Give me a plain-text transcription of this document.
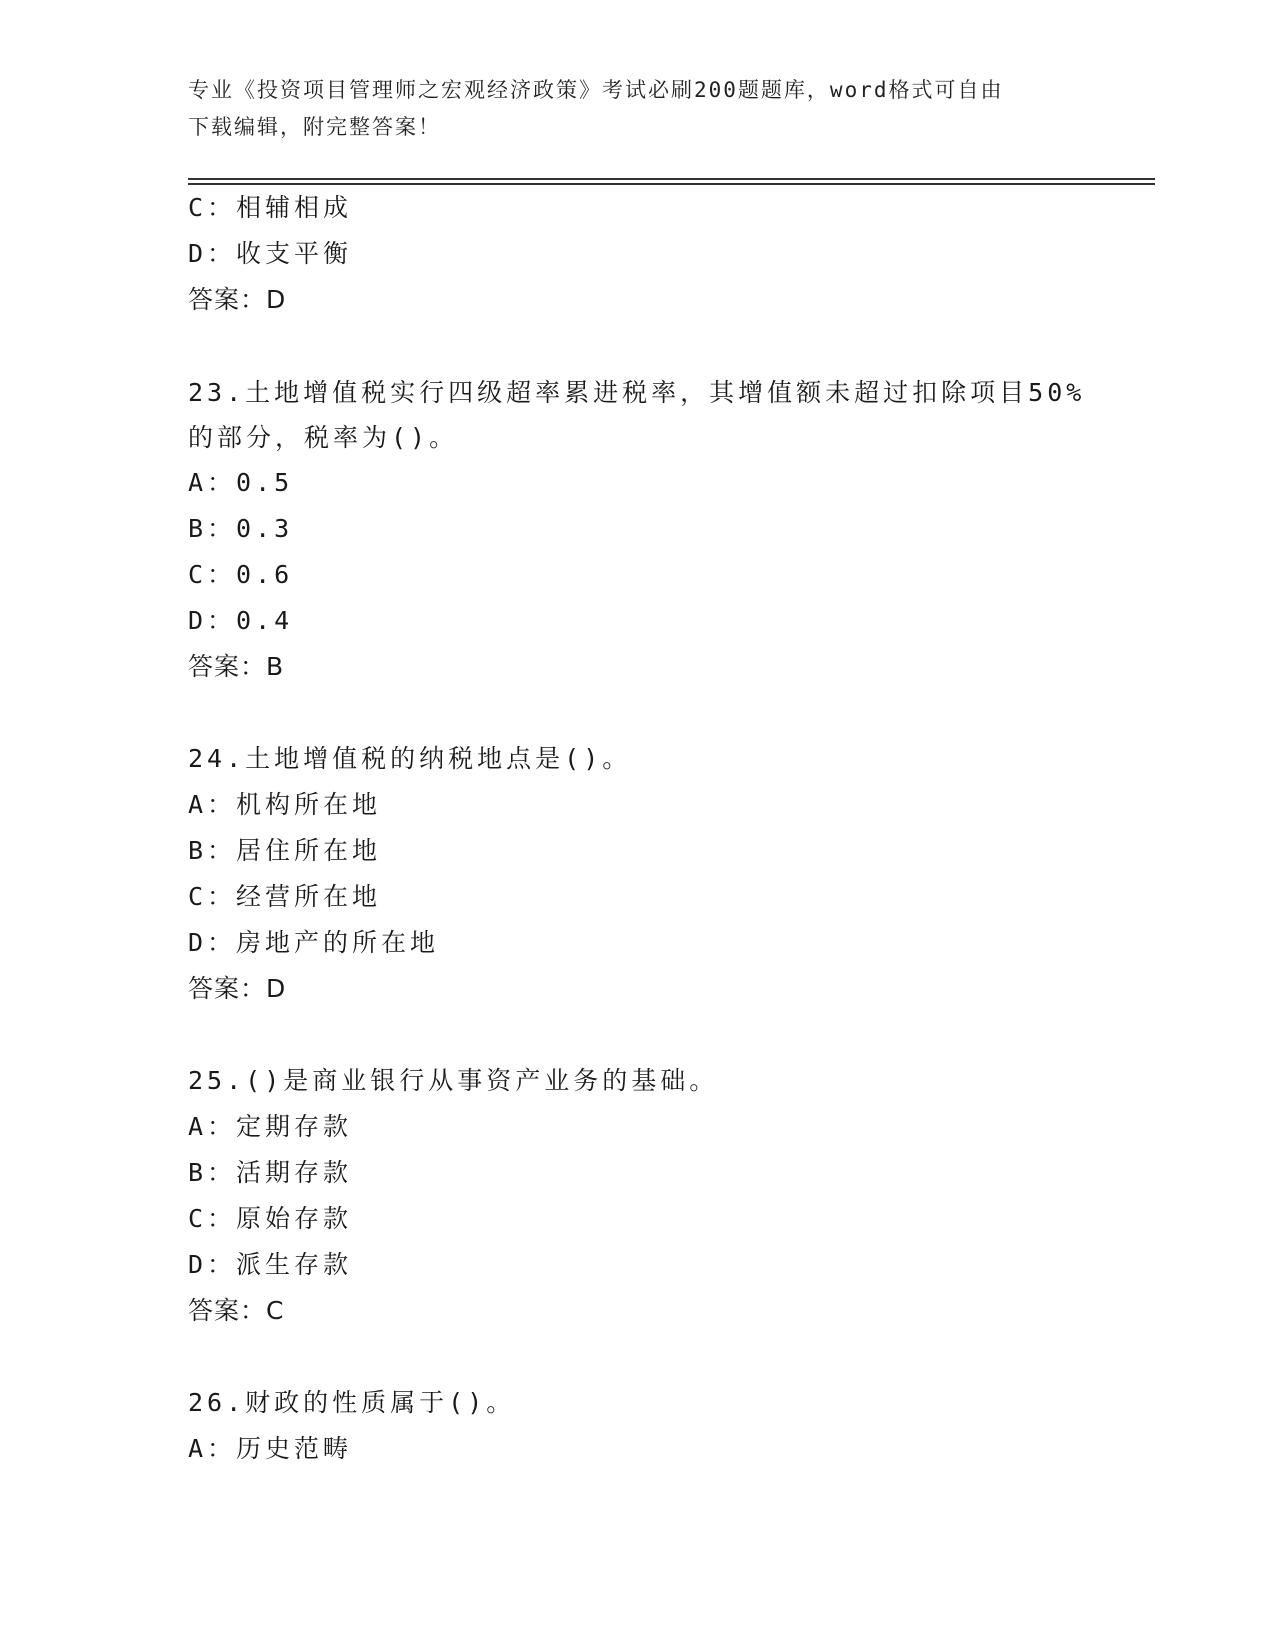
专业《投资项目管理师之宏观经济政策》考试必刷200题题库，word格式可自由
下载编辑，附完整答案！
C：相辅相成
D：收支平衡
答案：D
23.土地增值税实行四级超率累进税率，其增值额未超过扣除项目50%
的部分，税率为()。
A：0.5
B：0.3
C：0.6
D：0.4
答案：B
24.土地增值税的纳税地点是()。
A：机构所在地
B：居住所在地
C：经营所在地
D：房地产的所在地
答案：D
25.()是商业银行从事资产业务的基础。
A：定期存款
B：活期存款
C：原始存款
D：派生存款
答案：C
26.财政的性质属于()。
A：历史范畴
